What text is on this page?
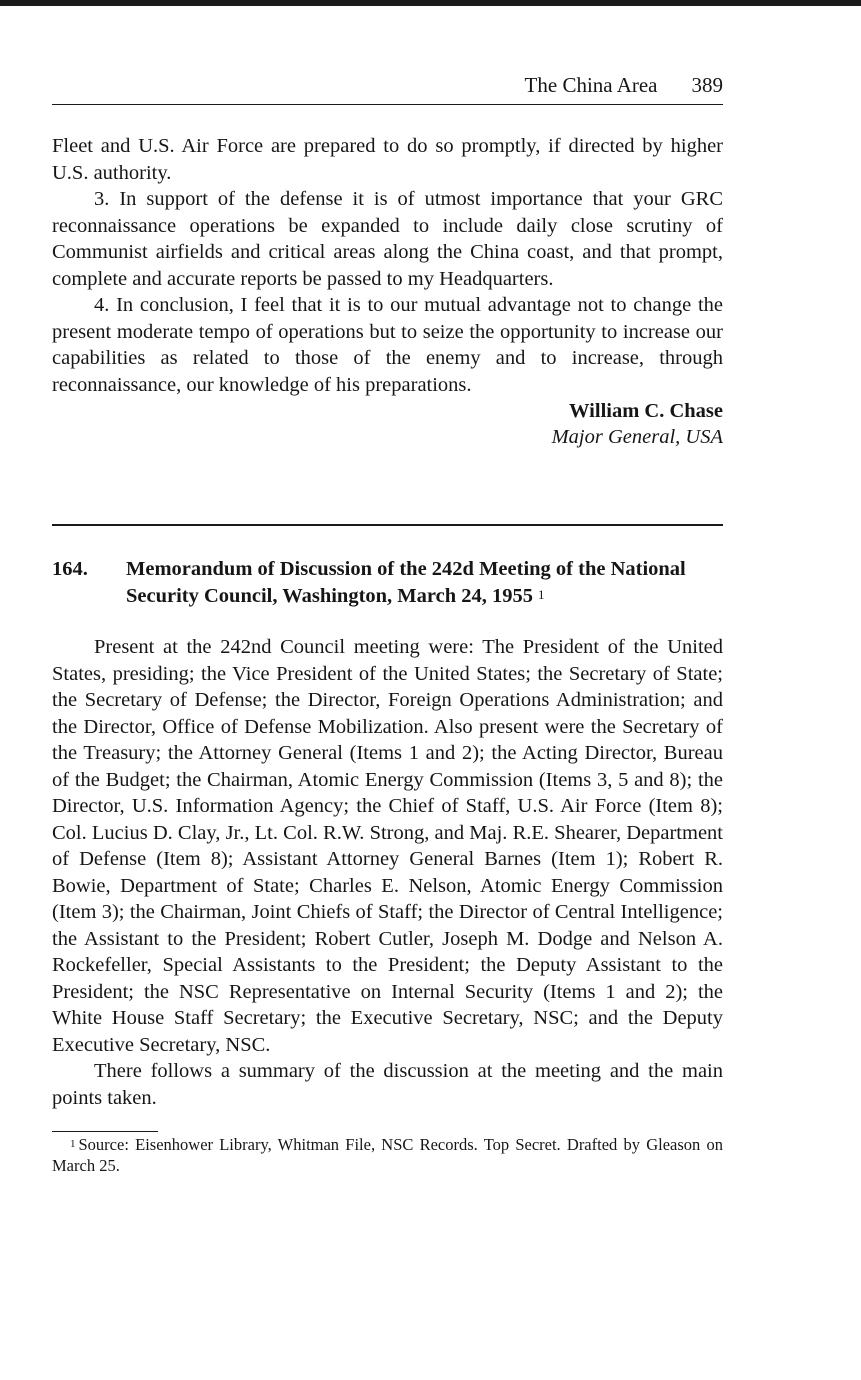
The China Area 389

Fleet and U.S. Air Force are prepared to do so promptly, if directed by higher U.S. authority.

3. In support of the defense it is of utmost importance that your GRC reconnaissance operations be expanded to include daily close scrutiny of Communist airfields and critical areas along the China coast, and that prompt, complete and accurate reports be passed to my Headquarters.

4. In conclusion, I feel that it is to our mutual advantage not to change the present moderate tempo of operations but to seize the opportunity to increase our capabilities as related to those of the enemy and to increase, through reconnaissance, our knowledge of his preparations.

William C. Chase
Major General, USA
164.	Memorandum of Discussion of the 242d Meeting of the National Security Council, Washington, March 24, 1955 $^1$

Present at the 242nd Council meeting were: The President of the United States, presiding; the Vice President of the United States; the Secretary of State; the Secretary of Defense; the Director, Foreign Operations Administration; and the Director, Office of Defense Mobilization. Also present were the Secretary of the Treasury; the Attorney General (Items 1 and 2); the Acting Director, Bureau of the Budget; the Chairman, Atomic Energy Commission (Items 3, 5 and 8); the Director, U.S. Information Agency; the Chief of Staff, U.S. Air Force (Item 8); Col. Lucius D. Clay, Jr., Lt. Col. R.W. Strong, and Maj. R.E. Shearer, Department of Defense (Item 8); Assistant Attorney General Barnes (Item 1); Robert R. Bowie, Department of State; Charles E. Nelson, Atomic Energy Commission (Item 3); the Chairman, Joint Chiefs of Staff; the Director of Central Intelligence; the Assistant to the President; Robert Cutler, Joseph M. Dodge and Nelson A. Rockefeller, Special Assistants to the President; the Deputy Assistant to the President; the NSC Representative on Internal Security (Items 1 and 2); the White House Staff Secretary; the Executive Secretary, NSC; and the Deputy Executive Secretary, NSC.

There follows a summary of the discussion at the meeting and the main points taken.

$^1$ Source: Eisenhower Library, Whitman File, NSC Records. Top Secret. Drafted by Gleason on March 25.
